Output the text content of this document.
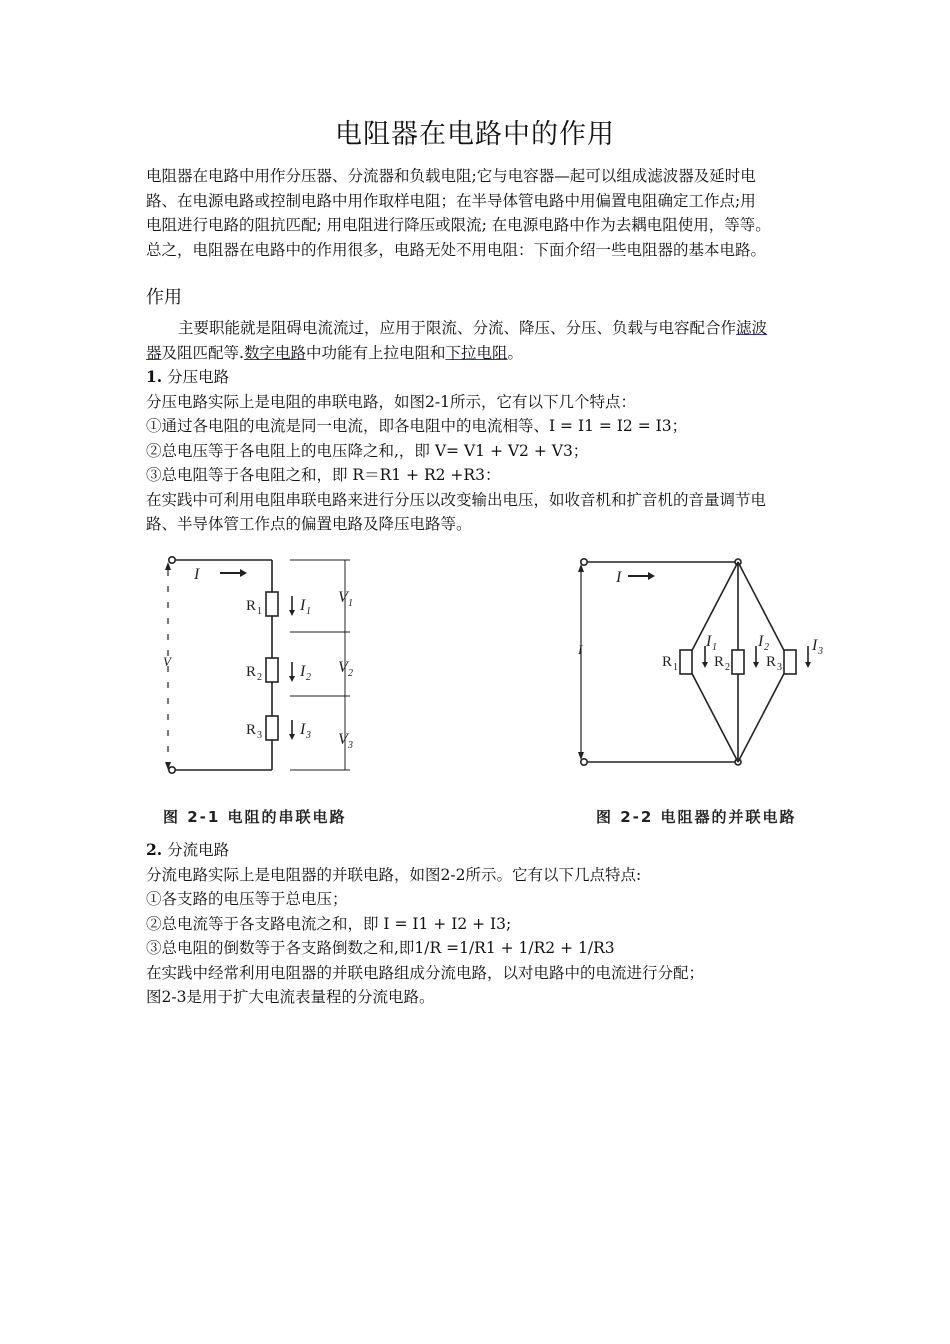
电阻器在电路中的作用
电阻器在电路中用作分压器、分流器和负载电阻;它与电容器—起可以组成滤波器及延时电
路、在电源电路或控制电路中用作取样电阻；在半导体管电路中用偏置电阻确定工作点;用
电阻进行电路的阻抗匹配; 用电阻进行降压或限流; 在电源电路中作为去耦电阻使用，等等。
总之，电阻器在电路中的作用很多，电路无处不用电阻：下面介绍一些电阻器的基本电路。
作用
主要职能就是阻碍电流流过，应用于限流、分流、降压、分压、负载与电容配合作滤波
器及阻匹配等.数字电路中功能有上拉电阻和下拉电阻。
1. 分压电路
分压电路实际上是电阻的串联电路，如图2-1所示，它有以下几个特点：
①通过各电阻的电流是同一电流，即各电阻中的电流相等、I = I1 = I2 = I3；
②总电压等于各电阻上的电压降之和,，即 V= V1 + V2 + V3；
③总电阻等于各电阻之和，即 R＝R1 + R2 +R3：
在实践中可利用电阻串联电路来进行分压以改变输出电压，如收音机和扩音机的音量调节电
路、半导体管工作点的偏置电路及降压电路等。
I
V
I 1
I 2
I 3
V 1
V 2
V 3
R 1
R 2
R 3
图 2-1 电阻的串联电路
I
I	I 1	I 2	I 3
R 1 R 2 R 3
图 2-2 电阻器的并联电路
2. 分流电路
分流电路实际上是电阻器的并联电路，如图2-2所示。它有以下几点特点:
①各支路的电压等于总电压；
②总电流等于各支路电流之和，即 I = I1 + I2 + I3;
③总电阻的倒数等于各支路倒数之和,即1/R =1/R1 + 1/R2 + 1/R3
在实践中经常利用电阻器的并联电路组成分流电路，以对电路中的电流进行分配；
图2-3是用于扩大电流表量程的分流电路。
